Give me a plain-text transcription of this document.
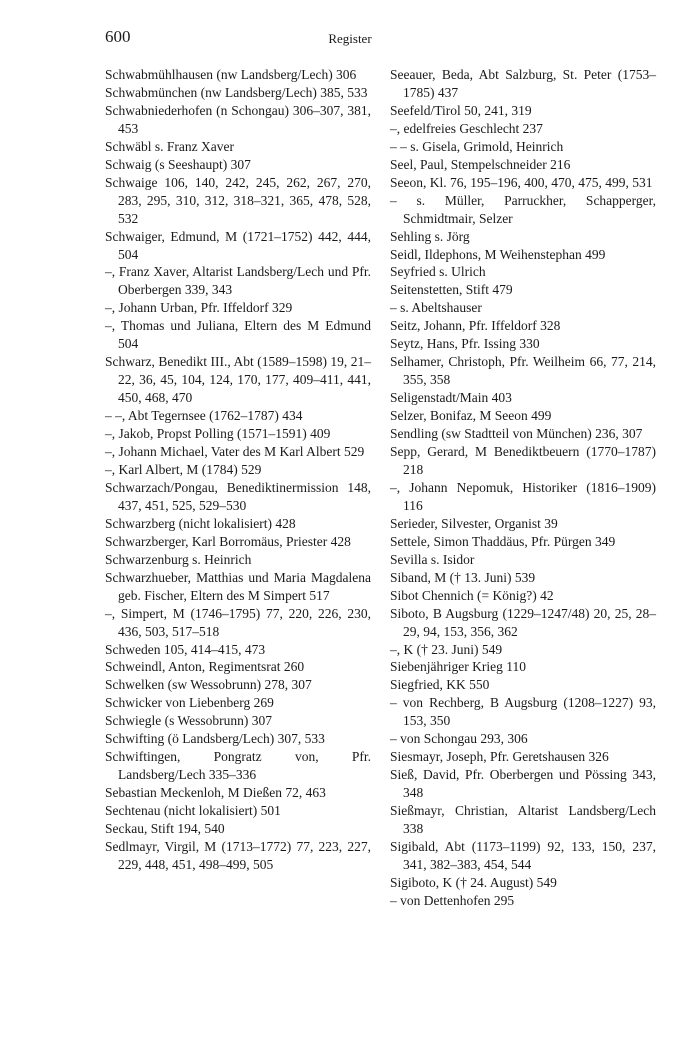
600	Register

Schwabmühlhausen (nw Landsberg/Lech) 306

Schwabmünchen (nw Landsberg/Lech) 385, 533

Schwabniederhofen (n Schongau) 306–307, 381, 453

Schwäbl s. Franz Xaver

Schwaig (s Seeshaupt) 307

Schwaige 106, 140, 242, 245, 262, 267, 270, 283, 295, 310, 312, 318–321, 365, 478, 528, 532

Schwaiger, Edmund, M (1721–1752) 442, 444, 504

–, Franz Xaver, Altarist Landsberg/Lech und Pfr. Oberbergen 339, 343

–, Johann Urban, Pfr. Iffeldorf 329

–, Thomas und Juliana, Eltern des M Edmund 504

Schwarz, Benedikt III., Abt (1589–1598) 19, 21–22, 36, 45, 104, 124, 170, 177, 409–411, 441, 450, 468, 470

– –, Abt Tegernsee (1762–1787) 434

–, Jakob, Propst Polling (1571–1591) 409

–, Johann Michael, Vater des M Karl Albert 529

–, Karl Albert, M (1784) 529

Schwarzach/Pongau, Benediktinermission 148, 437, 451, 525, 529–530

Schwarzberg (nicht lokalisiert) 428

Schwarzberger, Karl Borromäus, Priester 428

Schwarzenburg s. Heinrich

Schwarzhueber, Matthias und Maria Magdalena geb. Fischer, Eltern des M Simpert 517

–, Simpert, M (1746–1795) 77, 220, 226, 230, 436, 503, 517–518

Schweden 105, 414–415, 473

Schweindl, Anton, Regimentsrat 260

Schwelken (sw Wessobrunn) 278, 307

Schwicker von Liebenberg 269

Schwiegle (s Wessobrunn) 307

Schwifting (ö Landsberg/Lech) 307, 533

Schwiftingen, Pongratz von, Pfr. Landsberg/Lech 335–336

Sebastian Meckenloh, M Dießen 72, 463

Sechtenau (nicht lokalisiert) 501

Seckau, Stift 194, 540

Sedlmayr, Virgil, M (1713–1772) 77, 223, 227, 229, 448, 451, 498–499, 505

Seeauer, Beda, Abt Salzburg, St. Peter (1753–1785) 437

Seefeld/Tirol 50, 241, 319

–, edelfreies Geschlecht 237

– – s. Gisela, Grimold, Heinrich

Seel, Paul, Stempelschneider 216

Seeon, Kl. 76, 195–196, 400, 470, 475, 499, 531

– s. Müller, Parruckher, Schapperger, Schmidtmair, Selzer

Sehling s. Jörg

Seidl, Ildephons, M Weihenstephan 499

Seyfried s. Ulrich

Seitenstetten, Stift 479

– s. Abeltshauser

Seitz, Johann, Pfr. Iffeldorf 328

Seytz, Hans, Pfr. Issing 330

Selhamer, Christoph, Pfr. Weilheim 66, 77, 214, 355, 358

Seligenstadt/Main 403

Selzer, Bonifaz, M Seeon 499

Sendling (sw Stadtteil von München) 236, 307

Sepp, Gerard, M Benediktbeuern (1770–1787) 218

–, Johann Nepomuk, Historiker (1816–1909) 116

Serieder, Silvester, Organist 39

Settele, Simon Thaddäus, Pfr. Pürgen 349

Sevilla s. Isidor

Siband, M († 13. Juni) 539

Sibot Chennich (= König?) 42

Siboto, B Augsburg (1229–1247/48) 20, 25, 28–29, 94, 153, 356, 362

–, K († 23. Juni) 549

Siebenjähriger Krieg 110

Siegfried, KK 550

– von Rechberg, B Augsburg (1208–1227) 93, 153, 350

– von Schongau 293, 306

Siesmayr, Joseph, Pfr. Geretshausen 326

Sieß, David, Pfr. Oberbergen und Pössing 343, 348

Sießmayr, Christian, Altarist Landsberg/Lech 338

Sigibald, Abt (1173–1199) 92, 133, 150, 237, 341, 382–383, 454, 544

Sigiboto, K († 24. August) 549

– von Dettenhofen 295
